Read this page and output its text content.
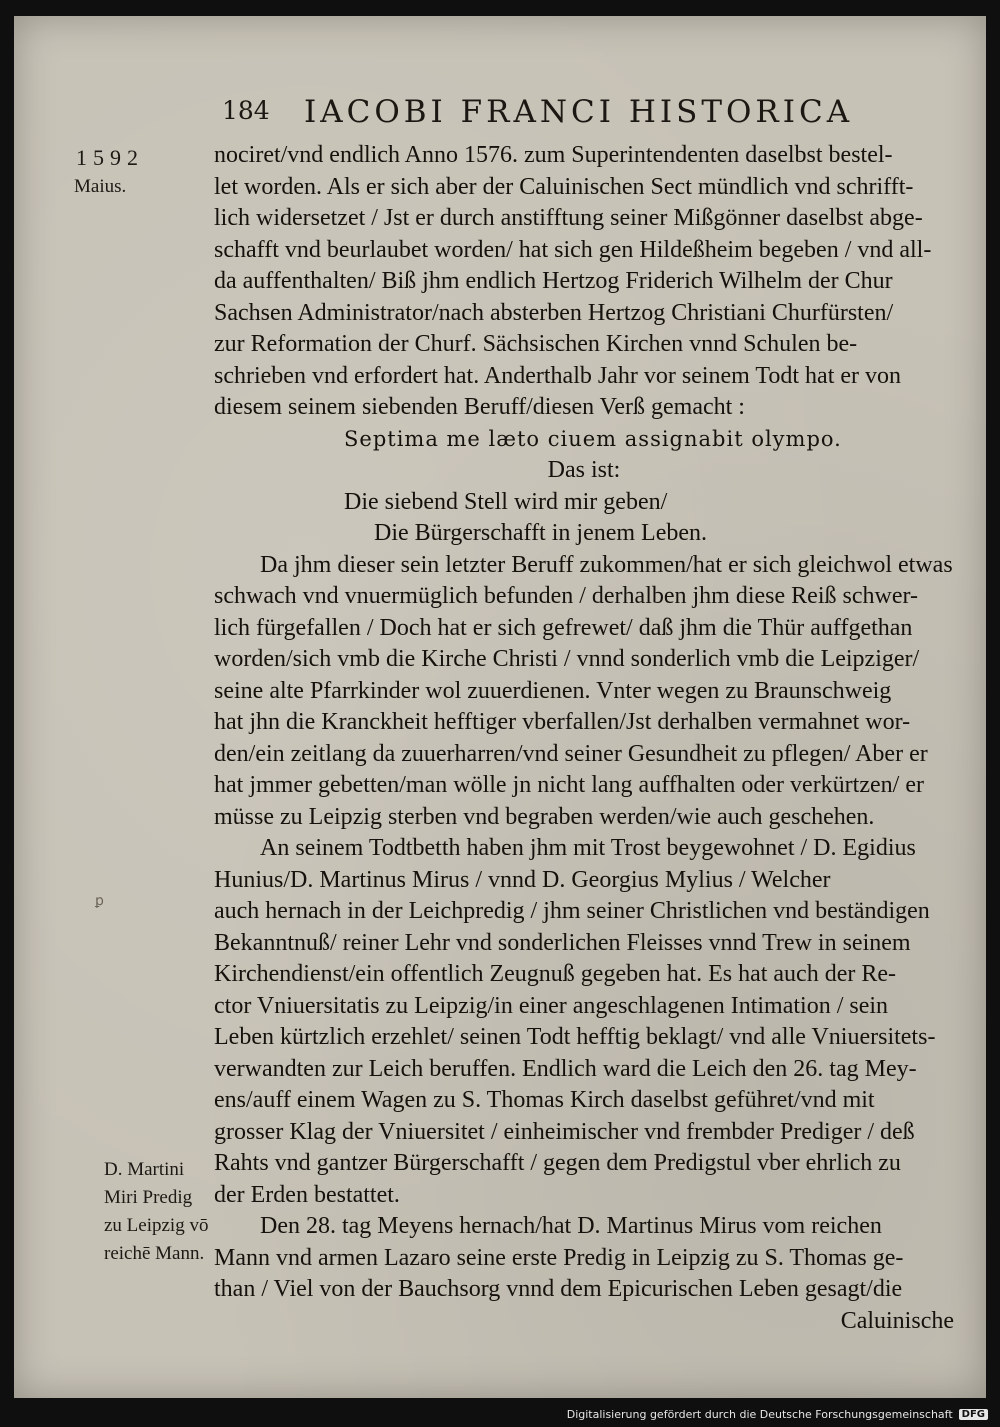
184 IACOBI FRANCI HISTORICA
1592
Maius.
ꝑ
nociret/vnd endlich Anno 1576. zum Superintendenten daselbst bestel-
let worden. Als er sich aber der Caluinischen Sect mündlich vnd schrifft-
lich widersetzet / Jst er durch anstifftung seiner Mißgönner daselbst abge-
schafft vnd beurlaubet worden/ hat sich gen Hildeßheim begeben / vnd all-
da auffenthalten/ Biß jhm endlich Hertzog Friderich Wilhelm der Chur
Sachsen Administrator/nach absterben Hertzog Christiani Churfürsten/
zur Reformation der Churf. Sächsischen Kirchen vnnd Schulen be-
schrieben vnd erfordert hat. Anderthalb Jahr vor seinem Todt hat er von
diesem seinem siebenden Beruff/diesen Verß gemacht :
Septima me læto ciuem assignabit olympo.
Das ist:
Die siebend Stell wird mir geben/
Die Bürgerschafft in jenem Leben.
Da jhm dieser sein letzter Beruff zukommen/hat er sich gleichwol etwas
schwach vnd vnuermüglich befunden / derhalben jhm diese Reiß schwer-
lich fürgefallen / Doch hat er sich gefrewet/ daß jhm die Thür auffgethan
worden/sich vmb die Kirche Christi / vnnd sonderlich vmb die Leipziger/
seine alte Pfarrkinder wol zuuerdienen. Vnter wegen zu Braunschweig
hat jhn die Kranckheit hefftiger vberfallen/Jst derhalben vermahnet wor-
den/ein zeitlang da zuuerharren/vnd seiner Gesundheit zu pflegen/ Aber er
hat jmmer gebetten/man wölle jn nicht lang auffhalten oder verkürtzen/ er
müsse zu Leipzig sterben vnd begraben werden/wie auch geschehen.
An seinem Todtbetth haben jhm mit Trost beygewohnet / D. Egidius
Hunius/D. Martinus Mirus / vnnd D. Georgius Mylius / Welcher
auch hernach in der Leichpredig / jhm seiner Christlichen vnd beständigen
Bekanntnuß/ reiner Lehr vnd sonderlichen Fleisses vnnd Trew in seinem
Kirchendienst/ein offentlich Zeugnuß gegeben hat. Es hat auch der Re-
ctor Vniuersitatis zu Leipzig/in einer angeschlagenen Intimation / sein
Leben kürtzlich erzehlet/ seinen Todt hefftig beklagt/ vnd alle Vniuersitets-
verwandten zur Leich beruffen. Endlich ward die Leich den 26. tag Mey-
ens/auff einem Wagen zu S. Thomas Kirch daselbst geführet/vnd mit
grosser Klag der Vniuersitet / einheimischer vnd frembder Prediger / deß
Rahts vnd gantzer Bürgerschafft / gegen dem Predigstul vber ehrlich zu
der Erden bestattet.
Den 28. tag Meyens hernach/hat D. Martinus Mirus vom reichen
Mann vnd armen Lazaro seine erste Predig in Leipzig zu S. Thomas ge-
than / Viel von der Bauchsorg vnnd dem Epicurischen Leben gesagt/die
Caluinische
D. Martini
Miri Predig
zu Leipzig vō
reichē Mann.
Digitalisierung gefördert durch die Deutsche Forschungsgemeinschaft DFG
